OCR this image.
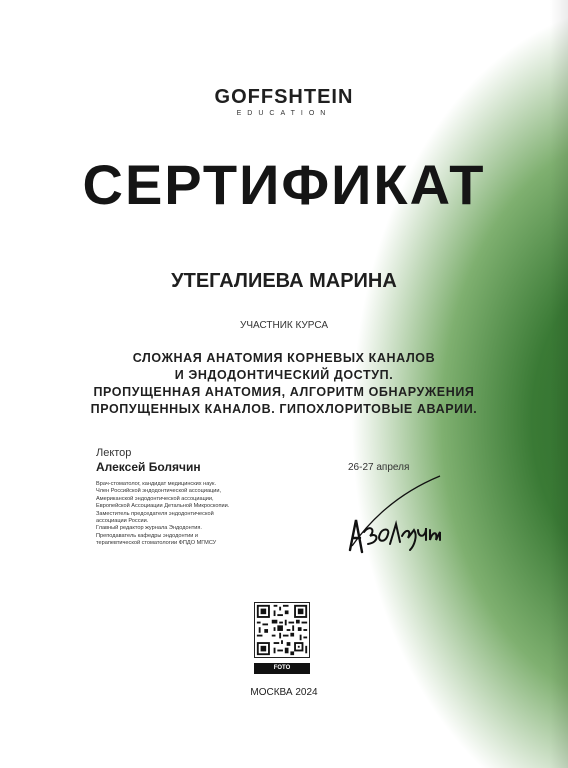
GOFFSHTEIN
EDUCATION
СЕРТИФИКАТ
УТЕГАЛИЕВА МАРИНА
УЧАСТНИК КУРСА
СЛОЖНАЯ АНАТОМИЯ КОРНЕВЫХ КАНАЛОВ
И ЭНДОДОНТИЧЕСКИЙ ДОСТУП.
ПРОПУЩЕННАЯ АНАТОМИЯ, АЛГОРИТМ ОБНАРУЖЕНИЯ
ПРОПУЩЕННЫХ КАНАЛОВ. ГИПОХЛОРИТОВЫЕ АВАРИИ.
Лектор
Алексей Болячин
Врач-стоматолог, кандидат медицинских наук.
Член Российской эндодонтической ассоциации,
Американской эндодонтической ассоциации,
Европейской Ассоциации Детальной Микроскопии.
Заместитель председателя эндодонтической
ассоциации России.
Главный редактор журнала Эндодонтия.
Преподаватель кафедры эндодонтии и
терапевтической стоматологии ФПДО МГМСУ
26-27 апреля
FOTO
МОСКВА 2024
